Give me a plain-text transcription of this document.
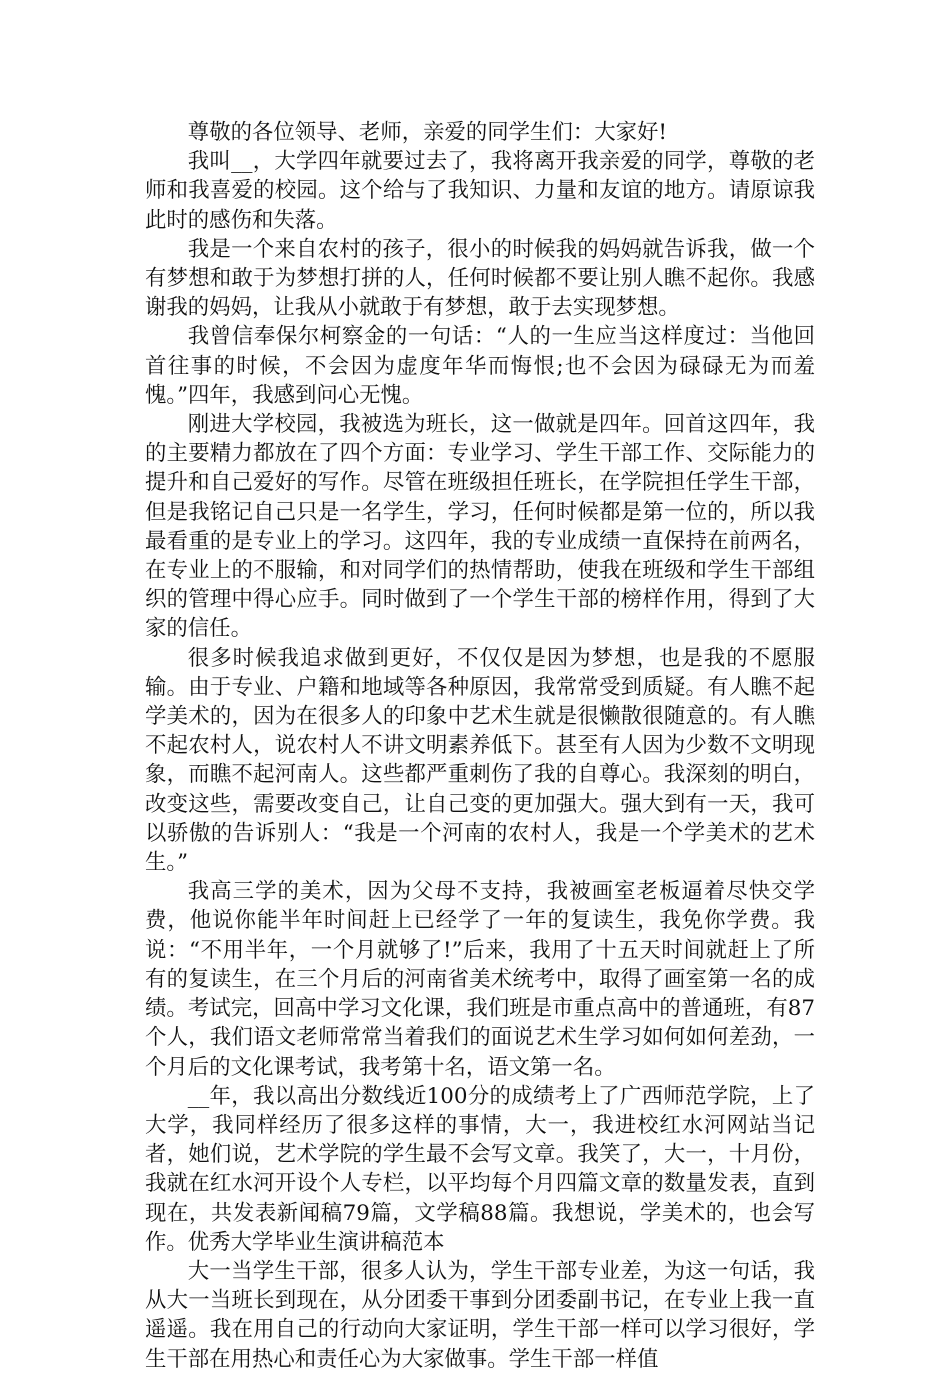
尊敬的各位领导、老师，亲爱的同学生们：大家好!

我叫__，大学四年就要过去了，我将离开我亲爱的同学，尊敬的老师和我喜爱的校园。这个给与了我知识、力量和友谊的地方。请原谅我此时的感伤和失落。

我是一个来自农村的孩子，很小的时候我的妈妈就告诉我，做一个有梦想和敢于为梦想打拼的人，任何时候都不要让别人瞧不起你。我感谢我的妈妈，让我从小就敢于有梦想，敢于去实现梦想。

我曾信奉保尔柯察金的一句话：“人的一生应当这样度过：当他回首往事的时候，不会因为虚度年华而悔恨;也不会因为碌碌无为而羞愧。”四年，我感到问心无愧。

刚进大学校园，我被选为班长，这一做就是四年。回首这四年，我的主要精力都放在了四个方面：专业学习、学生干部工作、交际能力的提升和自己爱好的写作。尽管在班级担任班长，在学院担任学生干部，但是我铭记自己只是一名学生，学习，任何时候都是第一位的，所以我最看重的是专业上的学习。这四年，我的专业成绩一直保持在前两名，在专业上的不服输，和对同学们的热情帮助，使我在班级和学生干部组织的管理中得心应手。同时做到了一个学生干部的榜样作用，得到了大家的信任。

很多时候我追求做到更好，不仅仅是因为梦想，也是我的不愿服输。由于专业、户籍和地域等各种原因，我常常受到质疑。有人瞧不起学美术的，因为在很多人的印象中艺术生就是很懒散很随意的。有人瞧不起农村人，说农村人不讲文明素养低下。甚至有人因为少数不文明现象，而瞧不起河南人。这些都严重刺伤了我的自尊心。我深刻的明白，改变这些，需要改变自己，让自己变的更加强大。强大到有一天，我可以骄傲的告诉别人：“我是一个河南的农村人，我是一个学美术的艺术生。”

我高三学的美术，因为父母不支持，我被画室老板逼着尽快交学费，他说你能半年时间赶上已经学了一年的复读生，我免你学费。我说：“不用半年，一个月就够了!”后来，我用了十五天时间就赶上了所有的复读生，在三个月后的河南省美术统考中，取得了画室第一名的成绩。考试完，回高中学习文化课，我们班是市重点高中的普通班，有87个人，我们语文老师常常当着我们的面说艺术生学习如何如何差劲，一个月后的文化课考试，我考第十名，语文第一名。

__年，我以高出分数线近100分的成绩考上了广西师范学院，上了大学，我同样经历了很多这样的事情，大一，我进校红水河网站当记者，她们说，艺术学院的学生最不会写文章。我笑了，大一，十月份，我就在红水河开设个人专栏，以平均每个月四篇文章的数量发表，直到现在，共发表新闻稿79篇，文学稿88篇。我想说，学美术的，也会写作。优秀大学毕业生演讲稿范本

大一当学生干部，很多人认为，学生干部专业差，为这一句话，我从大一当班长到现在，从分团委干事到分团委副书记，在专业上我一直遥遥。我在用自己的行动向大家证明，学生干部一样可以学习很好，学生干部在用热心和责任心为大家做事。学生干部一样值
